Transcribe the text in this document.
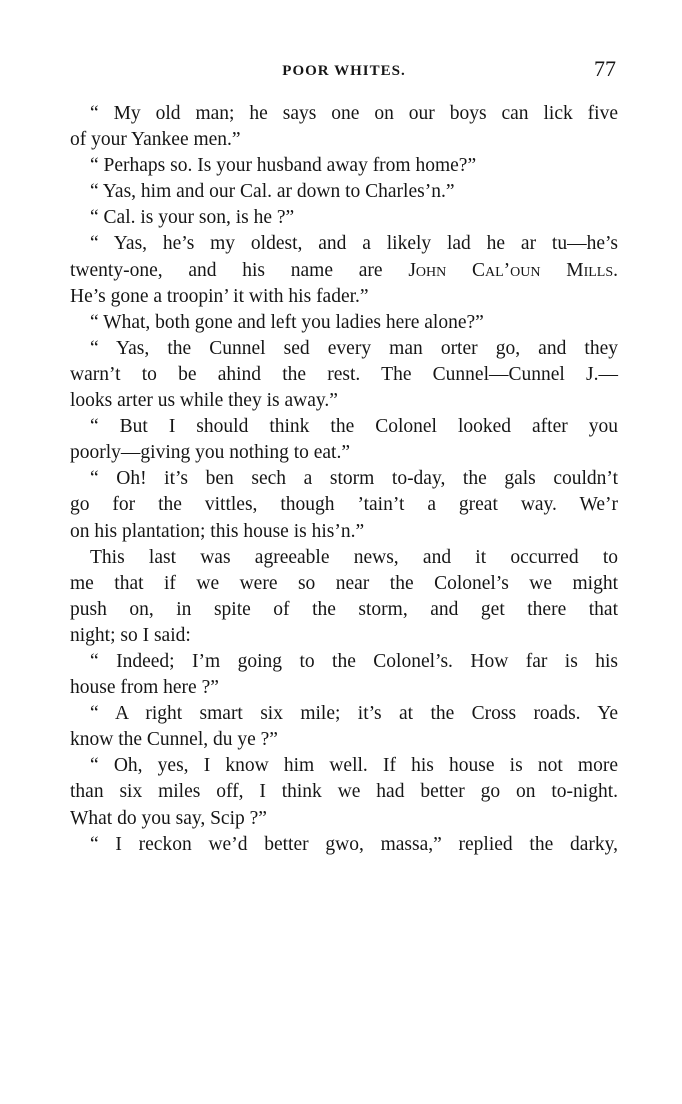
POOR WHITES.	77
“ My old man; he says one on our boys can lick five
of your Yankee men.”
“ Perhaps so. Is your husband away from home?”
“ Yas, him and our Cal. ar down to Charles’n.”
“ Cal. is your son, is he ?”
“ Yas, he’s my oldest, and a likely lad he ar tu—he’s
twenty-one, and his name are John Cal’oun Mills.
He’s gone a troopin’ it with his fader.”
“ What, both gone and left you ladies here alone?”
“ Yas, the Cunnel sed every man orter go, and they
warn’t to be ahind the rest. The Cunnel—Cunnel J.—
looks arter us while they is away.”
“ But I should think the Colonel looked after you
poorly—giving you nothing to eat.”
“ Oh! it’s ben sech a storm to-day, the gals couldn’t
go for the vittles, though ’tain’t a great way. We’r
on his plantation; this house is his’n.”
This last was agreeable news, and it occurred to
me that if we were so near the Colonel’s we might
push on, in spite of the storm, and get there that
night; so I said:
“ Indeed; I’m going to the Colonel’s. How far is his
house from here ?”
“ A right smart six mile; it’s at the Cross roads. Ye
know the Cunnel, du ye ?”
“ Oh, yes, I know him well. If his house is not more
than six miles off, I think we had better go on to-night.
What do you say, Scip ?”
“ I reckon we’d better gwo, massa,” replied the darky,
